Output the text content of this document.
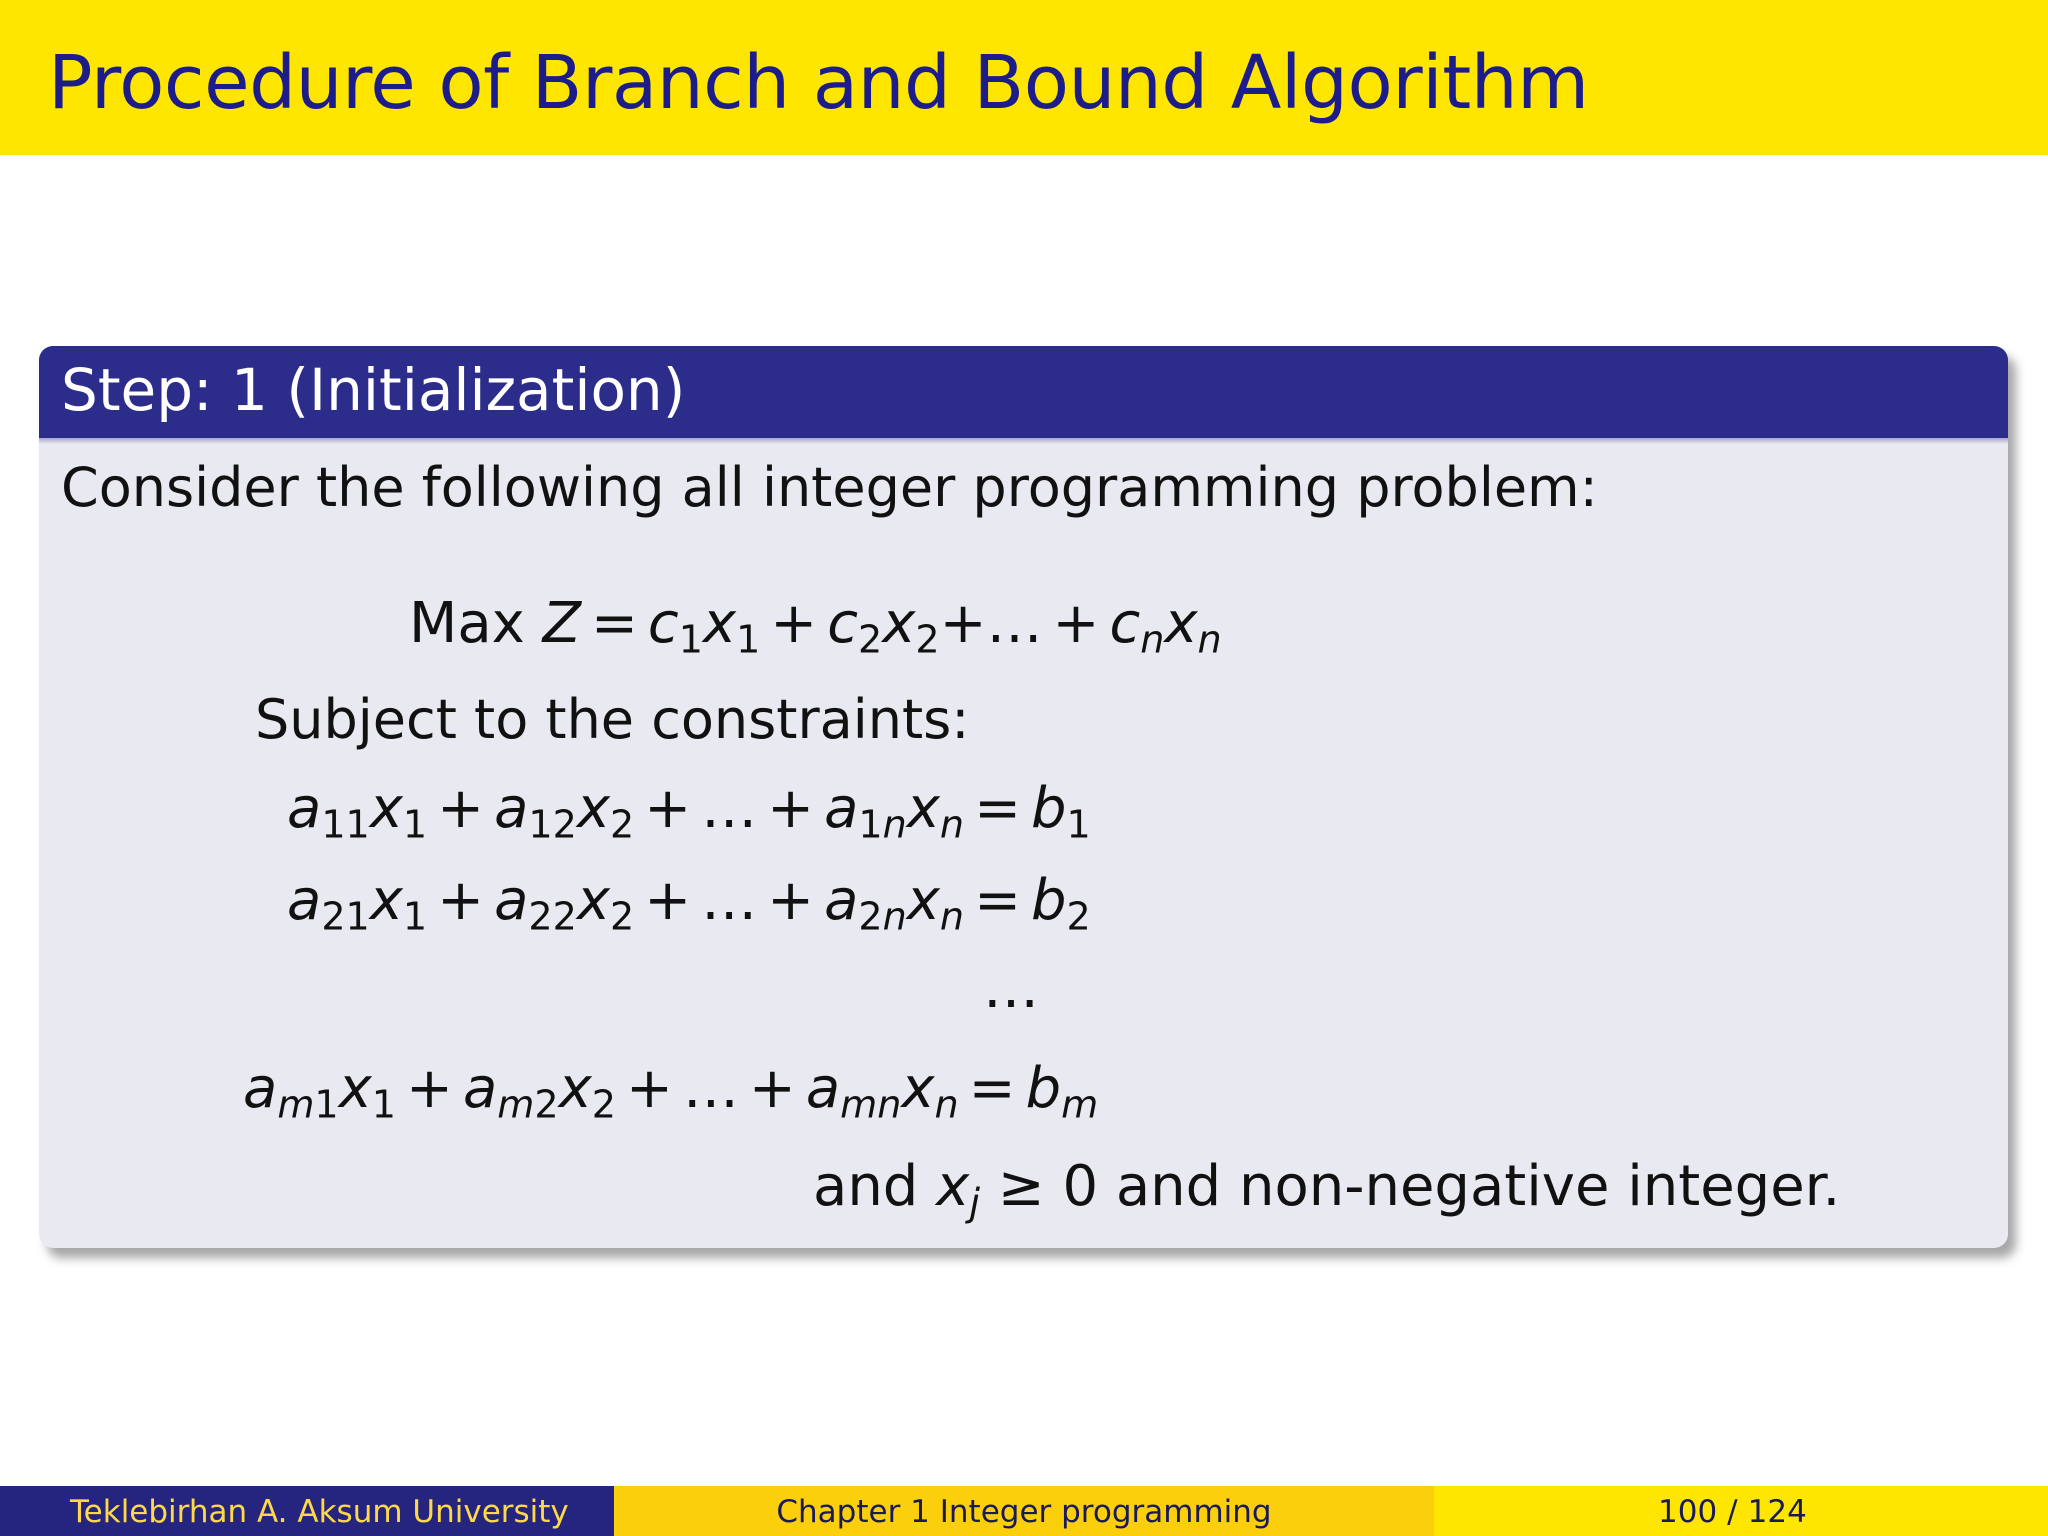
Procedure of Branch and Bound Algorithm
Step: 1 (Initialization)
Consider the following all integer programming problem:
Max $Z = c_1x_1$ + $c_2x_2+\dots + c_nx_n$
Subject to the constraints:
$a_{11}x_1 + a_{12}x_2$ + … + $a_{1n}x_n = b_1$
$a_{21}x_1 + a_{22}x_2$ + … + $a_{2n}x_n = b_2$
…
$a_{m1}x_1 + a_{m2}x_2$ + … + $a_{mn}x_n = b_m$
and $x_j \ge 0$ and non-negative integer.
Teklebirhan A. Aksum University	Chapter 1 Integer programming	100 / 124
